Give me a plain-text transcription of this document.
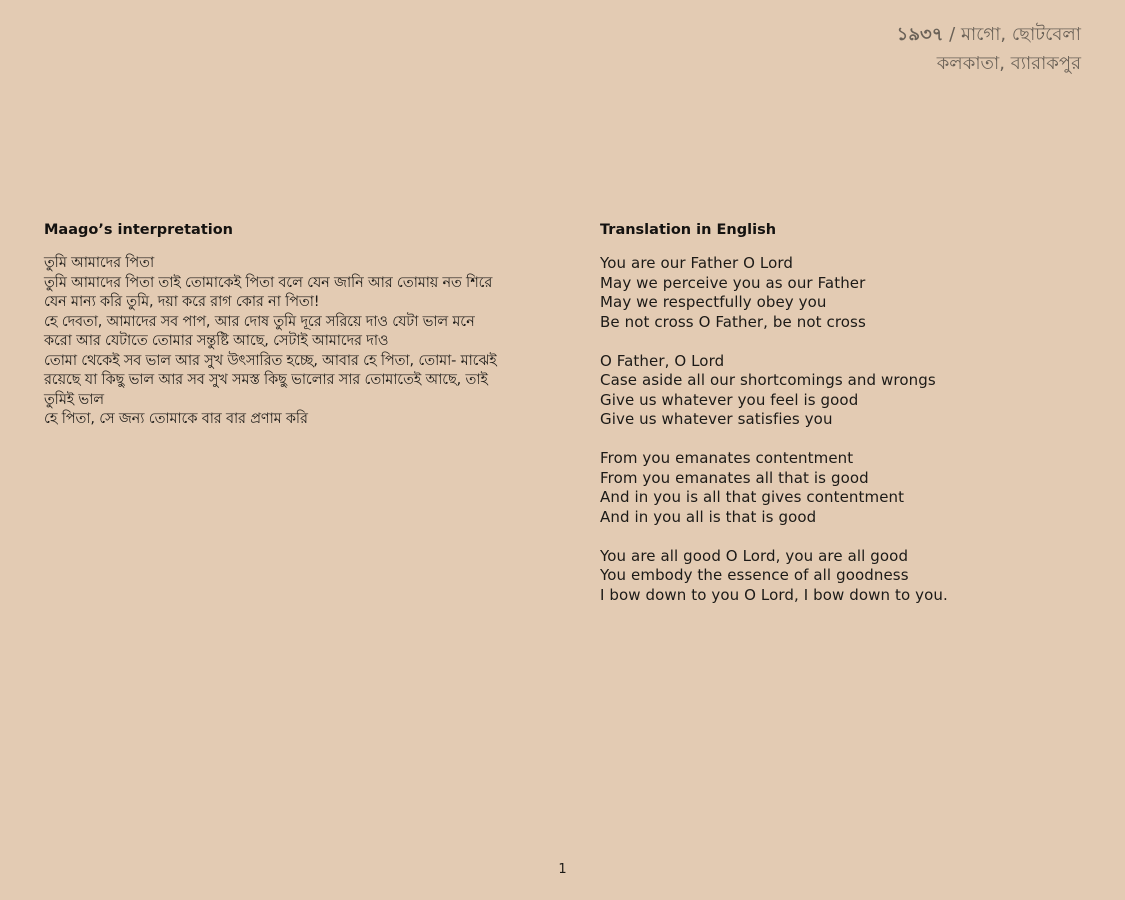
১৯৩৭ / মাগো, ছোটবেলা
কলকাতা, ব্যারাকপুর
Maago’s interpretation
তুমি আমাদের পিতা
তুমি আমাদের পিতা তাই তোমাকেই পিতা বলে যেন জানি আর তোমায় নত শিরে
যেন মান্য করি তুমি, দয়া করে রাগ কোর না পিতা!
হে দেবতা, আমাদের সব পাপ, আর দোষ তুমি দূরে সরিয়ে দাও যেটা ভাল মনে
করো আর যেটাতে তোমার সন্তুষ্টি আছে, সেটাই আমাদের দাও
তোমা থেকেই সব ভাল আর সুখ উৎসারিত হচ্ছে, আবার হে পিতা, তোমা- মাঝেই
রয়েছে যা কিছু ভাল আর সব সুখ সমস্ত কিছু ভালোর সার তোমাতেই আছে, তাই
তুমিই ভাল
হে পিতা, সে জন্য তোমাকে বার বার প্রণাম করি
Translation in English
You are our Father O Lord
May we perceive you as our Father
May we respectfully obey you
Be not cross O Father, be not cross
O Father, O Lord
Case aside all our shortcomings and wrongs
Give us whatever you feel is good
Give us whatever satisfies you
From you emanates contentment
From you emanates all that is good
And in you is all that gives contentment
And in you all is that is good
You are all good O Lord, you are all good
You embody the essence of all goodness
I bow down to you O Lord, I bow down to you.
1
